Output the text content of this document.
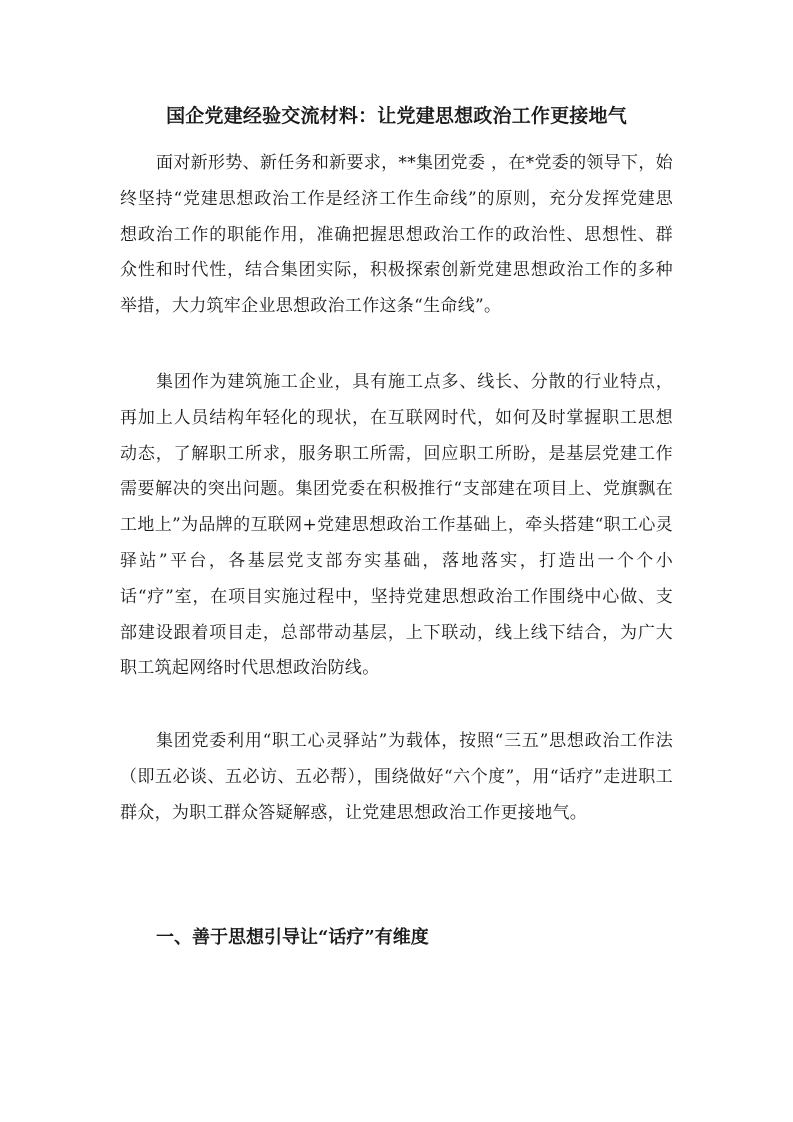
国企党建经验交流材料：让党建思想政治工作更接地气

面对新形势、新任务和新要求，**集团党委 ，在*党委的领导下，始终坚持“党建思想政治工作是经济工作生命线”的原则，充分发挥党建思想政治工作的职能作用，准确把握思想政治工作的政治性、思想性、群众性和时代性，结合集团实际，积极探索创新党建思想政治工作的多种举措，大力筑牢企业思想政治工作这条“生命线”。

集团作为建筑施工企业，具有施工点多、线长、分散的行业特点，再加上人员结构年轻化的现状，在互联网时代，如何及时掌握职工思想动态，了解职工所求，服务职工所需，回应职工所盼，是基层党建工作需要解决的突出问题。集团党委在积极推行“支部建在项目上、党旗飘在工地上”为品牌的互联网+党建思想政治工作基础上，牵头搭建“职工心灵驿站”平台，各基层党支部夯实基础，落地落实，打造出一个个小话“疗”室，在项目实施过程中，坚持党建思想政治工作围绕中心做、支部建设跟着项目走，总部带动基层，上下联动，线上线下结合，为广大职工筑起网络时代思想政治防线。

集团党委利用“职工心灵驿站”为载体，按照“三五”思想政治工作法（即五必谈、五必访、五必帮），围绕做好“六个度”，用“话疗”走进职工群众，为职工群众答疑解惑，让党建思想政治工作更接地气。

一、善于思想引导让“话疗”有维度
